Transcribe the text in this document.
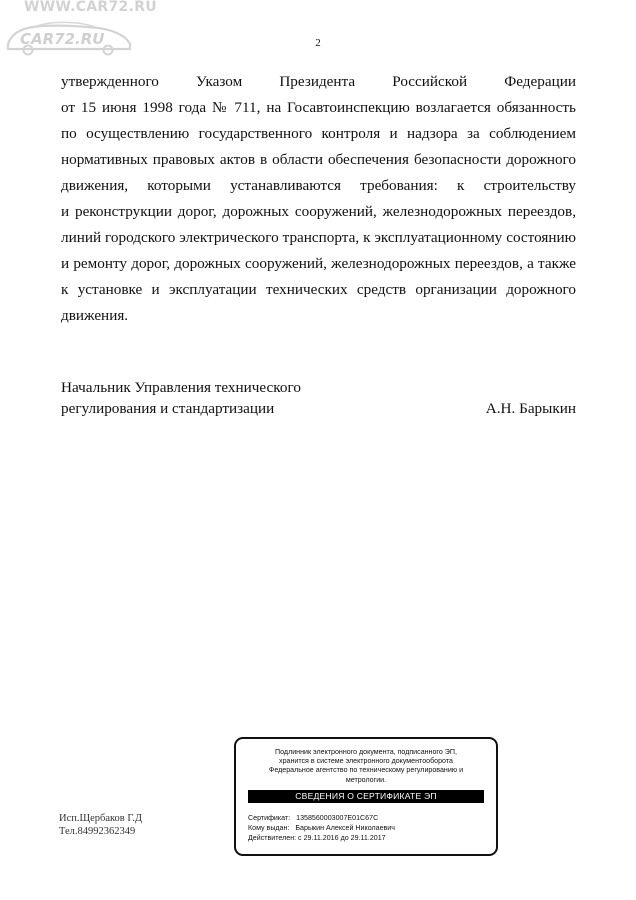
WWW.CAR72.RU
CAR72.RU	2
утвержденного Указом Президента Российской Федерации
от 15 июня 1998 года № 711, на Госавтоинспекцию возлагается обязанность
по осуществлению государственного контроля и надзора за соблюдением
нормативных правовых актов в области обеспечения безопасности дорожного
движения, которыми устанавливаются требования: к строительству
и реконструкции дорог, дорожных сооружений, железнодорожных переездов,
линий городского электрического транспорта, к эксплуатационному состоянию
и ремонту дорог, дорожных сооружений, железнодорожных переездов, а также
к установке и эксплуатации технических средств организации дорожного
движения.
Начальник Управления технического
регулирования и стандартизации	А.Н. Барыкин
Исп.Щербаков Г.Д
Тел.84992362349
Подлинник электронного документа, подписанного ЭП,
хранится в системе электронного документооборота
Федеральное агентство по техническому регулированию и
метрологии.
СВЕДЕНИЯ О СЕРТИФИКАТЕ ЭП
Сертификат: 1358560003007E01C67C
Кому выдан: Барыкин Алексей Николаевич
Действителен: с 29.11.2016 до 29.11.2017
